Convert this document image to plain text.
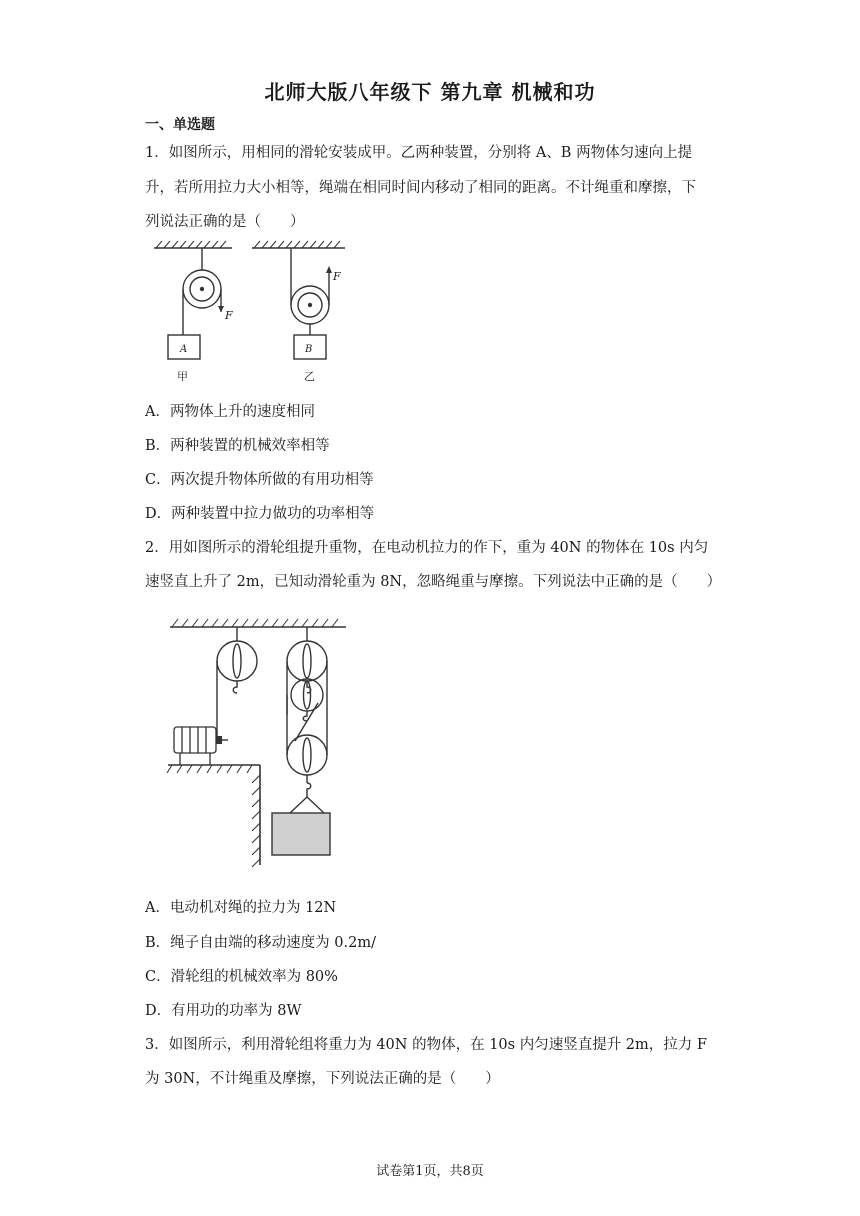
北师大版八年级下 第九章 机械和功
一、单选题
1．如图所示，用相同的滑轮安装成甲。乙两种装置，分别将 A、B 两物体匀速向上提
升，若所用拉力大小相等，绳端在相同时间内移动了相同的距离。不计绳重和摩擦，下
列说法正确的是（　　）
F
A
甲
F
B
乙
A．两物体上升的速度相同
B．两种装置的机械效率相等
C．两次提升物体所做的有用功相等
D．两种装置中拉力做功的功率相等
2．用如图所示的滑轮组提升重物，在电动机拉力的作下，重为 40N 的物体在 10s 内匀
速竖直上升了 2m，已知动滑轮重为 8N，忽略绳重与摩擦。下列说法中正确的是（　　）
A．电动机对绳的拉力为 12N
B．绳子自由端的移动速度为 0.2m/
C．滑轮组的机械效率为 80%
D．有用功的功率为 8W
3．如图所示，利用滑轮组将重力为 40N 的物体，在 10s 内匀速竖直提升 2m，拉力 F
为 30N，不计绳重及摩擦，下列说法正确的是（　　）
试卷第1页，共8页
